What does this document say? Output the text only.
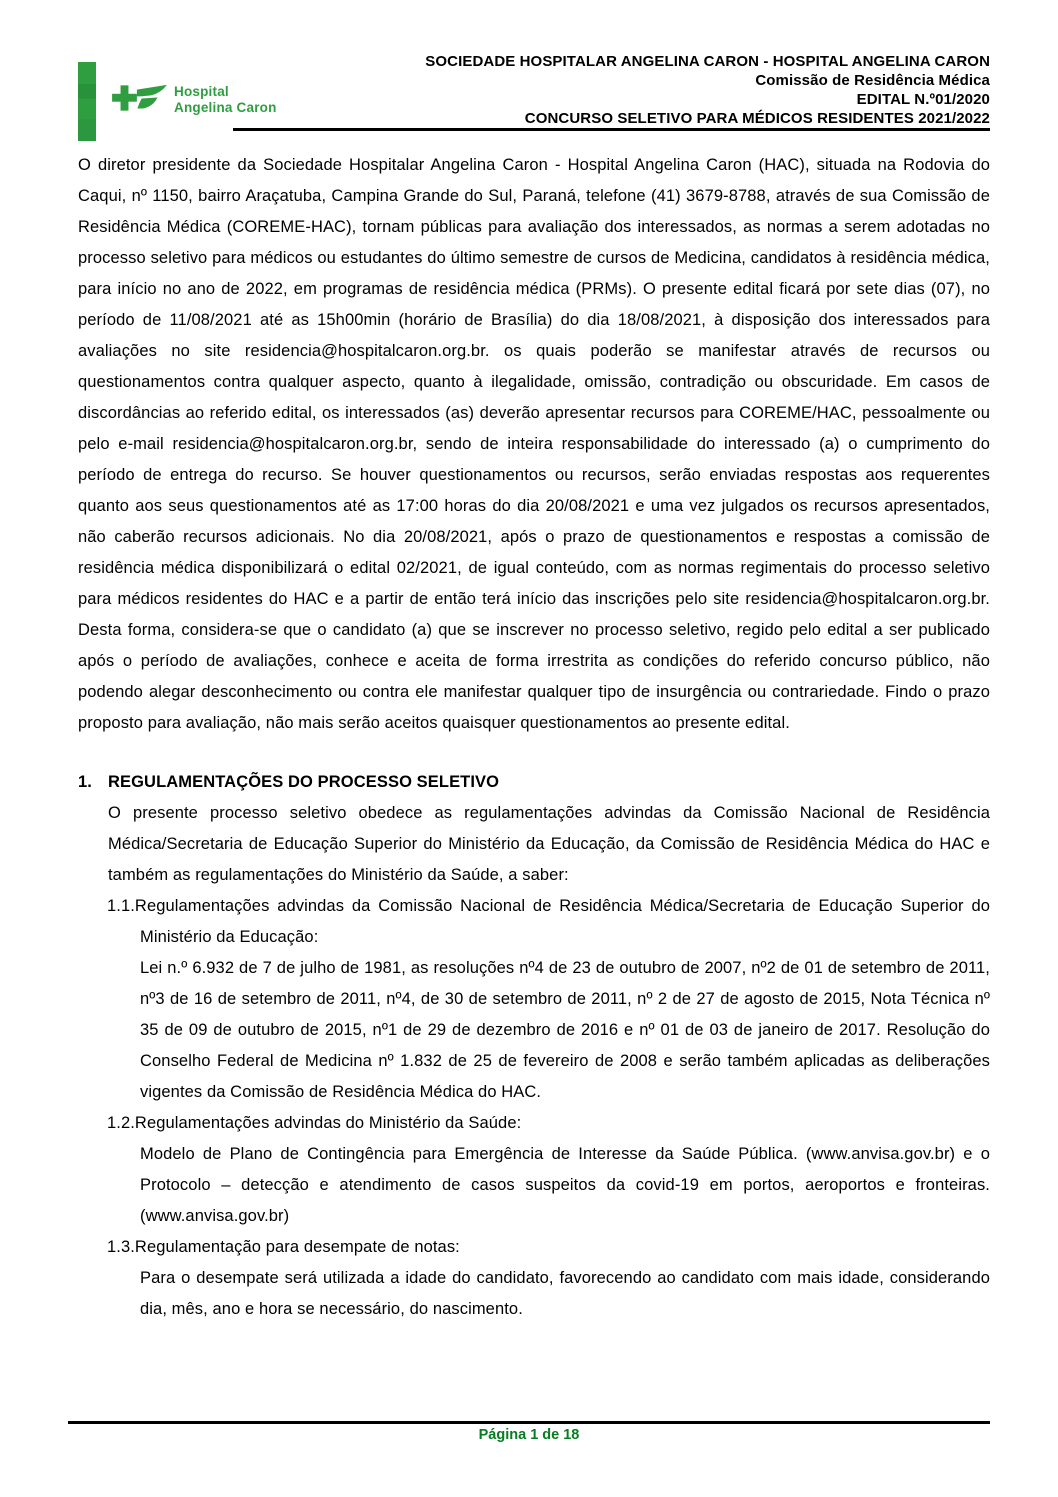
Hospital
Angelina Caron
SOCIEDADE HOSPITALAR ANGELINA CARON - HOSPITAL ANGELINA CARON
Comissão de Residência Médica
EDITAL N.º01/2020
CONCURSO SELETIVO PARA MÉDICOS RESIDENTES 2021/2022

O diretor presidente da Sociedade Hospitalar Angelina Caron - Hospital Angelina Caron (HAC), situada na Rodovia do Caqui, nº 1150, bairro Araçatuba, Campina Grande do Sul, Paraná, telefone (41) 3679-8788, através de sua Comissão de Residência Médica (COREME-HAC), tornam públicas para avaliação dos interessados, as normas a serem adotadas no processo seletivo para médicos ou estudantes do último semestre de cursos de Medicina, candidatos à residência médica, para início no ano de 2022, em programas de residência médica (PRMs). O presente edital ficará por sete dias (07), no período de 11/08/2021 até as 15h00min (horário de Brasília) do dia 18/08/2021, à disposição dos interessados para avaliações no site residencia@hospitalcaron.org.br. os quais poderão se manifestar através de recursos ou questionamentos contra qualquer aspecto, quanto à ilegalidade, omissão, contradição ou obscuridade. Em casos de discordâncias ao referido edital, os interessados (as) deverão apresentar recursos para COREME/HAC, pessoalmente ou pelo e-mail residencia@hospitalcaron.org.br, sendo de inteira responsabilidade do interessado (a) o cumprimento do período de entrega do recurso. Se houver questionamentos ou recursos, serão enviadas respostas aos requerentes quanto aos seus questionamentos até as 17:00 horas do dia 20/08/2021 e uma vez julgados os recursos apresentados, não caberão recursos adicionais. No dia 20/08/2021, após o prazo de questionamentos e respostas a comissão de residência médica disponibilizará o edital 02/2021, de igual conteúdo, com as normas regimentais do processo seletivo para médicos residentes do HAC e a partir de então terá início das inscrições pelo site residencia@hospitalcaron.org.br. Desta forma, considera-se que o candidato (a) que se inscrever no processo seletivo, regido pelo edital a ser publicado após o período de avaliações, conhece e aceita de forma irrestrita as condições do referido concurso público, não podendo alegar desconhecimento ou contra ele manifestar qualquer tipo de insurgência ou contrariedade. Findo o prazo proposto para avaliação, não mais serão aceitos quaisquer questionamentos ao presente edital.

1. REGULAMENTAÇÕES DO PROCESSO SELETIVO

O presente processo seletivo obedece as regulamentações advindas da Comissão Nacional de Residência Médica/Secretaria de Educação Superior do Ministério da Educação, da Comissão de Residência Médica do HAC e também as regulamentações do Ministério da Saúde, a saber:

1.1.Regulamentações advindas da Comissão Nacional de Residência Médica/Secretaria de Educação Superior do Ministério da Educação:

Lei n.º 6.932 de 7 de julho de 1981, as resoluções nº4 de 23 de outubro de 2007, nº2 de 01 de setembro de 2011, nº3 de 16 de setembro de 2011, nº4, de 30 de setembro de 2011, nº 2 de 27 de agosto de 2015, Nota Técnica nº 35 de 09 de outubro de 2015, nº1 de 29 de dezembro de 2016 e nº 01 de 03 de janeiro de 2017. Resolução do Conselho Federal de Medicina nº 1.832 de 25 de fevereiro de 2008 e serão também aplicadas as deliberações vigentes da Comissão de Residência Médica do HAC.

1.2.Regulamentações advindas do Ministério da Saúde:

Modelo de Plano de Contingência para Emergência de Interesse da Saúde Pública. (www.anvisa.gov.br) e o Protocolo – detecção e atendimento de casos suspeitos da covid-19 em portos, aeroportos e fronteiras. (www.anvisa.gov.br)

1.3.Regulamentação para desempate de notas:

Para o desempate será utilizada a idade do candidato, favorecendo ao candidato com mais idade, considerando dia, mês, ano e hora se necessário, do nascimento.

Página 1 de 18
